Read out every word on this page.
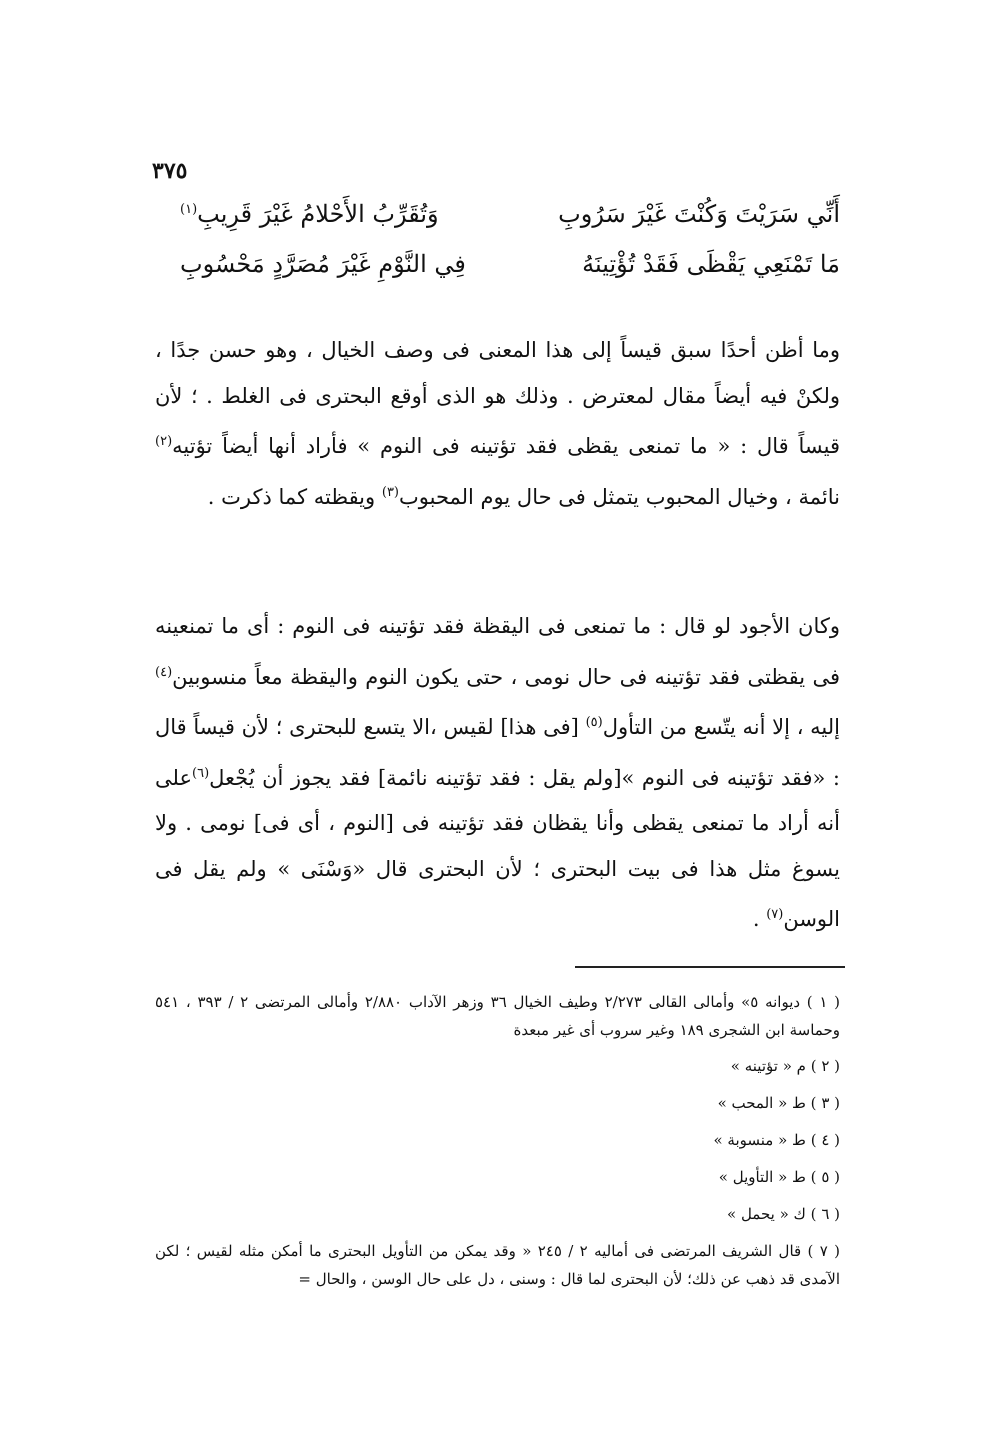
٣٧٥
أَنِّي سَرَيْتَ وَكُنْتَ غَيْرَ سَرُوبِ
وَتُقَرِّبُ الأَحْلامُ غَيْرَ قَرِيبِ$^{(١)}$
مَا تَمْنَعِي يَقْظَى فَقَدْ تُؤْتِينَهُ
فِي النَّوْمِ غَيْرَ مُصَرَّدٍ مَحْسُوبِ

وما أظن أحدًا سبق قيساً إلى هذا المعنى فى وصف الخيال ، وهو حسن جدًا ، ولكنْ فيه أيضاً مقال لمعترض . وذلك هو الذى أوقع البحترى فى الغلط . ؛ لأن قيساً قال : « ما تمنعى يقظى فقد تؤتينه فى النوم » فأراد أنها أيضاً تؤتيه$^{(٢)}$ نائمة ، وخيال المحبوب يتمثل فى حال يوم المحبوب$^{(٣)}$ ويقظته كما ذكرت .

وكان الأجود لو قال : ما تمنعى فى اليقظة فقد تؤتينه فى النوم : أى ما تمنعينه فى يقظتى فقد تؤتينه فى حال نومى ، حتى يكون النوم واليقظة معاً منسوبين$^{(٤)}$ إليه ، إلا أنه يتّسع من التأول$^{(٥)}$ [فى هذا] لقيس ،الا يتسع للبحترى ؛ لأن قيساً قال : «فقد تؤتينه فى النوم »[ولم يقل : فقد تؤتينه نائمة] فقد يجوز أن يُجْعل$^{(٦)}$على أنه أراد ما تمنعى يقظى وأنا يقظان فقد تؤتينه فى [النوم ، أى فى] نومى . ولا يسوغ مثل هذا فى بيت البحترى ؛ لأن البحترى قال «وَسْنَى » ولم يقل فى الوسن$^{(٧)}$ .

( ١ ) ديوانه ٥» وأمالى القالى ٢/٢٧٣ وطيف الخيال ٣٦ وزهر الآداب ٢/٨٨٠ وأمالى المرتضى ٢ / ٣٩٣ ، ٥٤١ وحماسة ابن الشجرى ١٨٩ وغير سروب أى غير مبعدة
( ٢ ) م « تؤتينه »
( ٣ ) ط « المحب »
( ٤ ) ط « منسوبة »
( ٥ ) ط « التأويل »
( ٦ ) ك « يحمل »
( ٧ ) قال الشريف المرتضى فى أماليه ٢ / ٢٤٥ « وقد يمكن من التأويل البحترى ما أمكن مثله لقيس ؛ لكن الآمدى قد ذهب عن ذلك؛ لأن البحترى لما قال : وسنى ، دل على حال الوسن ، والحال =
